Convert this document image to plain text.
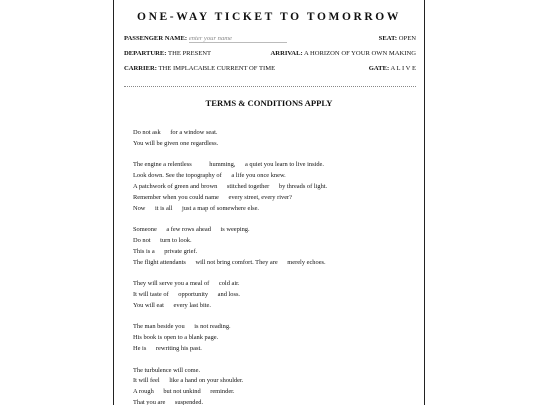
ONE-WAY TICKET TO TOMORROW
PASSENGER NAME: enter your name	SEAT: OPEN
DEPARTURE: THE PRESENT	ARRIVAL: A HORIZON OF YOUR OWN MAKING
CARRIER: THE IMPLACABLE CURRENT OF TIME	GATE: A L I V E
TERMS & CONDITIONS APPLY
Do not ask      for a window seat.
You will be given one regardless.
The engine a relentless           humming,      a quiet you learn to live inside.
Look down. See the topography of      a life you once knew.
A patchwork of green and brown      stitched together      by threads of light.
Remember when you could name      every street, every river?
Now      it is all      just a map of somewhere else.
Someone      a few rows ahead      is weeping.
Do not      turn to look.
This is a      private grief.
The flight attendants      will not bring comfort. They are      merely echoes.
They will serve you a meal of      cold air.
It will taste of      opportunity      and loss.
You will eat      every last bite.
The man beside you      is not reading.
His book is open to a blank page.
He is      rewriting his past.
The turbulence will come.
It will feel      like a hand on your shoulder.
A rough      but not unkind      reminder.
That you are      suspended.
